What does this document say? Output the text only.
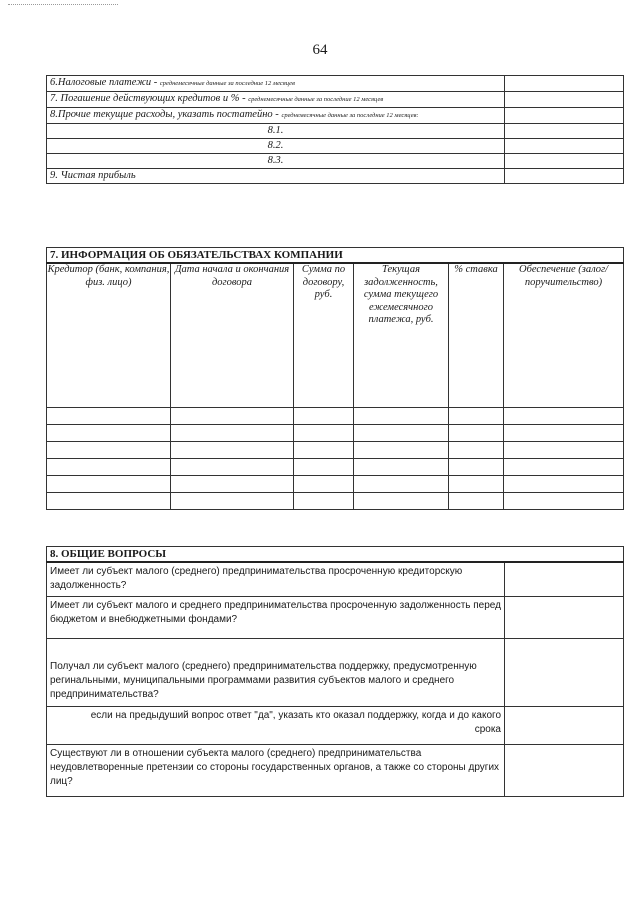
64
6.Налоговые платежи - среднемесячные данные за последние 12 месяцев	
7. Погашение действующих кредитов и % - среднемесячные данные за последние 12 месяцев	
8.Прочие текущие расходы, указать постатейно - среднемесячные данные за последние 12 месяцев:	
8.1.	
8.2.	
8.3.	
9. Чистая прибыль	
7. ИНФОРМАЦИЯ ОБ ОБЯЗАТЕЛЬСТВАХ КОМПАНИИ					
Кредитор (банк, компания, физ. лицо)	Дата начала и окончания договора	Сумма по договору, руб.	Текущая задолженность, сумма текущего ежемесячного платежа, руб.	% ставка	Обеспечение (залог/поручительство)

8. ОБЩИЕ ВОПРОСЫ	
Имеет ли субъект малого (среднего) предпринимательства просроченную кредиторскую задолженность?	
Имеет ли субъект малого и среднего предпринимательства просроченную задолженность перед бюджетом и внебюджетными фондами?	
Получал ли субъект малого (среднего) предпринимательства поддержку, предусмотренную регинальными, муниципальными программами развития субъектов малого и среднего предпринимательства?	
если на предыдуший вопрос ответ "да", указать кто оказал поддержку, когда и до какого срока	
Существуют ли в отношении субъекта малого (среднего) предпринимательства неудовлетворенные претензии со стороны государственных органов, а также со стороны других лиц?	
